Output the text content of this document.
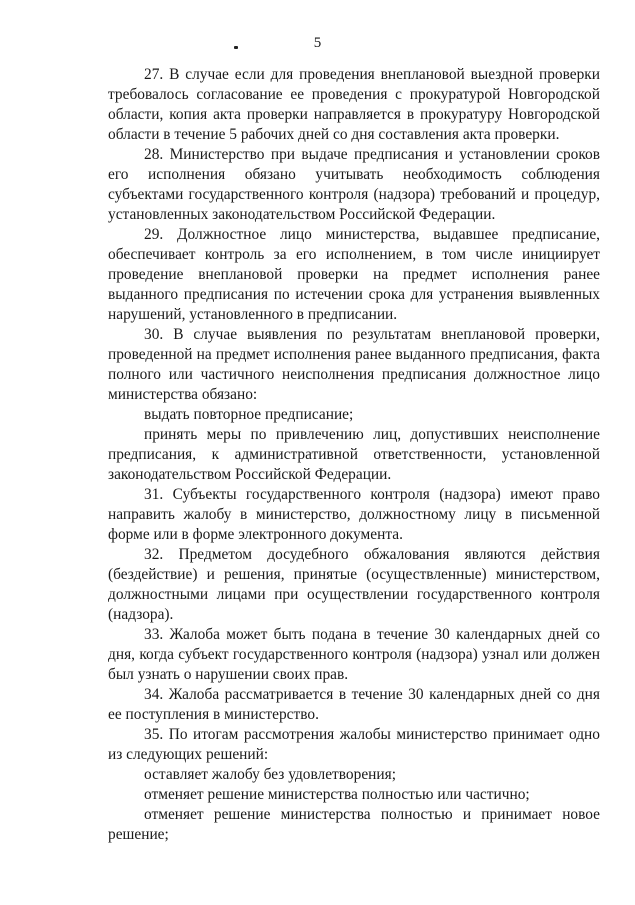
5

27. В случае если для проведения внеплановой выездной проверки требовалось согласование ее проведения с прокуратурой Новгородской области, копия акта проверки направляется в прокуратуру Новгородской области в течение 5 рабочих дней со дня составления акта проверки.

28. Министерство при выдаче предписания и установлении сроков его исполнения обязано учитывать необходимость соблюдения субъектами государственного контроля (надзора) требований и процедур, установленных законодательством Российской Федерации.

29. Должностное лицо министерства, выдавшее предписание, обеспечивает контроль за его исполнением, в том числе инициирует проведение внеплановой проверки на предмет исполнения ранее выданного предписания по истечении срока для устранения выявленных нарушений, установленного в предписании.

30. В случае выявления по результатам внеплановой проверки, проведенной на предмет исполнения ранее выданного предписания, факта полного или частичного неисполнения предписания должностное лицо министерства обязано:

выдать повторное предписание;

принять меры по привлечению лиц, допустивших неисполнение предписания, к административной ответственности, установленной законодательством Российской Федерации.

31. Субъекты государственного контроля (надзора) имеют право направить жалобу в министерство, должностному лицу в письменной форме или в форме электронного документа.

32. Предметом досудебного обжалования являются действия (бездействие) и решения, принятые (осуществленные) министерством, должностными лицами при осуществлении государственного контроля (надзора).

33. Жалоба может быть подана в течение 30 календарных дней со дня, когда субъект государственного контроля (надзора) узнал или должен был узнать о нарушении своих прав.

34. Жалоба рассматривается в течение 30 календарных дней со дня ее поступления в министерство.

35. По итогам рассмотрения жалобы министерство принимает одно из следующих решений:

оставляет жалобу без удовлетворения;

отменяет решение министерства полностью или частично;

отменяет решение министерства полностью и принимает новое решение;
